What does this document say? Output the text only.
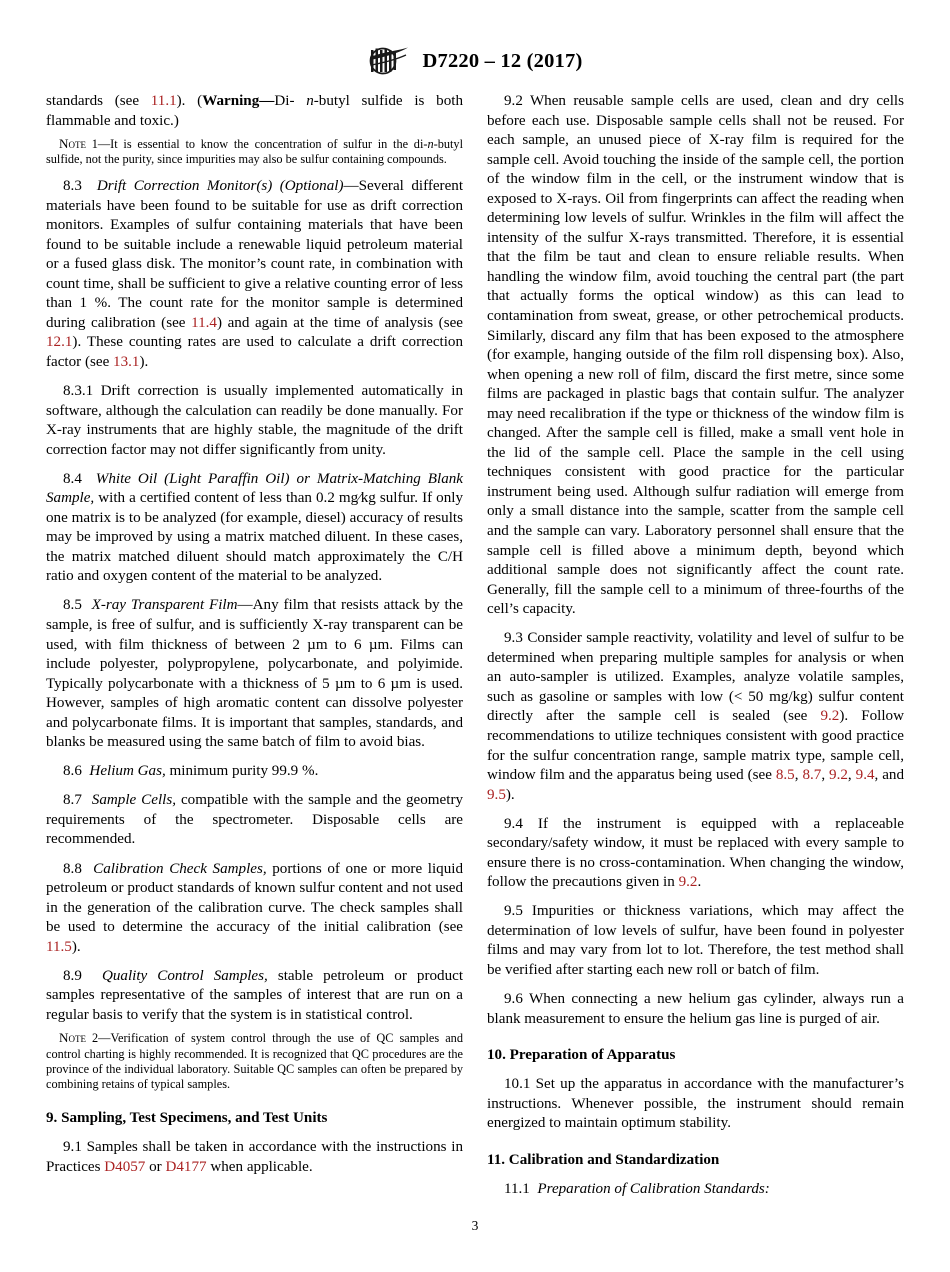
D7220 – 12 (2017)

standards (see 11.1). (Warning—Di- n-butyl sulfide is both flammable and toxic.)

Note 1—It is essential to know the concentration of sulfur in the di-n-butyl sulfide, not the purity, since impurities may also be sulfur containing compounds.

8.3 Drift Correction Monitor(s) (Optional)—Several different materials have been found to be suitable for use as drift correction monitors. Examples of sulfur containing materials that have been found to be suitable include a renewable liquid petroleum material or a fused glass disk. The monitor’s count rate, in combination with count time, shall be sufficient to give a relative counting error of less than 1 %. The count rate for the monitor sample is determined during calibration (see 11.4) and again at the time of analysis (see 12.1). These counting rates are used to calculate a drift correction factor (see 13.1).

8.3.1 Drift correction is usually implemented automatically in software, although the calculation can readily be done manually. For X-ray instruments that are highly stable, the magnitude of the drift correction factor may not differ significantly from unity.

8.4 White Oil (Light Paraffin Oil) or Matrix-Matching Blank Sample, with a certified content of less than 0.2 mg⁄kg sulfur. If only one matrix is to be analyzed (for example, diesel) accuracy of results may be improved by using a matrix matched diluent. In these cases, the matrix matched diluent should match approximately the C/H ratio and oxygen content of the material to be analyzed.

8.5 X-ray Transparent Film—Any film that resists attack by the sample, is free of sulfur, and is sufficiently X-ray transparent can be used, with film thickness of between 2 µm to 6 µm. Films can include polyester, polypropylene, polycarbonate, and polyimide. Typically polycarbonate with a thickness of 5 µm to 6 µm is used. However, samples of high aromatic content can dissolve polyester and polycarbonate films. It is important that samples, standards, and blanks be measured using the same batch of film to avoid bias.

8.6 Helium Gas, minimum purity 99.9 %.

8.7 Sample Cells, compatible with the sample and the geometry requirements of the spectrometer. Disposable cells are recommended.

8.8 Calibration Check Samples, portions of one or more liquid petroleum or product standards of known sulfur content and not used in the generation of the calibration curve. The check samples shall be used to determine the accuracy of the initial calibration (see 11.5).

8.9 Quality Control Samples, stable petroleum or product samples representative of the samples of interest that are run on a regular basis to verify that the system is in statistical control.

Note 2—Verification of system control through the use of QC samples and control charting is highly recommended. It is recognized that QC procedures are the province of the individual laboratory. Suitable QC samples can often be prepared by combining retains of typical samples.

9. Sampling, Test Specimens, and Test Units

9.1 Samples shall be taken in accordance with the instructions in Practices D4057 or D4177 when applicable.

9.2 When reusable sample cells are used, clean and dry cells before each use. Disposable sample cells shall not be reused. For each sample, an unused piece of X-ray film is required for the sample cell. Avoid touching the inside of the sample cell, the portion of the window film in the cell, or the instrument window that is exposed to X-rays. Oil from fingerprints can affect the reading when determining low levels of sulfur. Wrinkles in the film will affect the intensity of the sulfur X-rays transmitted. Therefore, it is essential that the film be taut and clean to ensure reliable results. When handling the window film, avoid touching the central part (the part that actually forms the optical window) as this can lead to contamination from sweat, grease, or other petrochemical products. Similarly, discard any film that has been exposed to the atmosphere (for example, hanging outside of the film roll dispensing box). Also, when opening a new roll of film, discard the first metre, since some films are packaged in plastic bags that contain sulfur. The analyzer may need recalibration if the type or thickness of the window film is changed. After the sample cell is filled, make a small vent hole in the lid of the sample cell. Place the sample in the cell using techniques consistent with good practice for the particular instrument being used. Although sulfur radiation will emerge from only a small distance into the sample, scatter from the sample cell and the sample can vary. Laboratory personnel shall ensure that the sample cell is filled above a minimum depth, beyond which additional sample does not significantly affect the count rate. Generally, fill the sample cell to a minimum of three-fourths of the cell’s capacity.

9.3 Consider sample reactivity, volatility and level of sulfur to be determined when preparing multiple samples for analysis or when an auto-sampler is utilized. Examples, analyze volatile samples, such as gasoline or samples with low (< 50 mg/kg) sulfur content directly after the sample cell is sealed (see 9.2). Follow recommendations to utilize techniques consistent with good practice for the sulfur concentration range, sample matrix type, sample cell, window film and the apparatus being used (see 8.5, 8.7, 9.2, 9.4, and 9.5).

9.4 If the instrument is equipped with a replaceable secondary/safety window, it must be replaced with every sample to ensure there is no cross-contamination. When changing the window, follow the precautions given in 9.2.

9.5 Impurities or thickness variations, which may affect the determination of low levels of sulfur, have been found in polyester films and may vary from lot to lot. Therefore, the test method shall be verified after starting each new roll or batch of film.

9.6 When connecting a new helium gas cylinder, always run a blank measurement to ensure the helium gas line is purged of air.

10. Preparation of Apparatus

10.1 Set up the apparatus in accordance with the manufacturer’s instructions. Whenever possible, the instrument should remain energized to maintain optimum stability.

11. Calibration and Standardization

11.1 Preparation of Calibration Standards:

3
